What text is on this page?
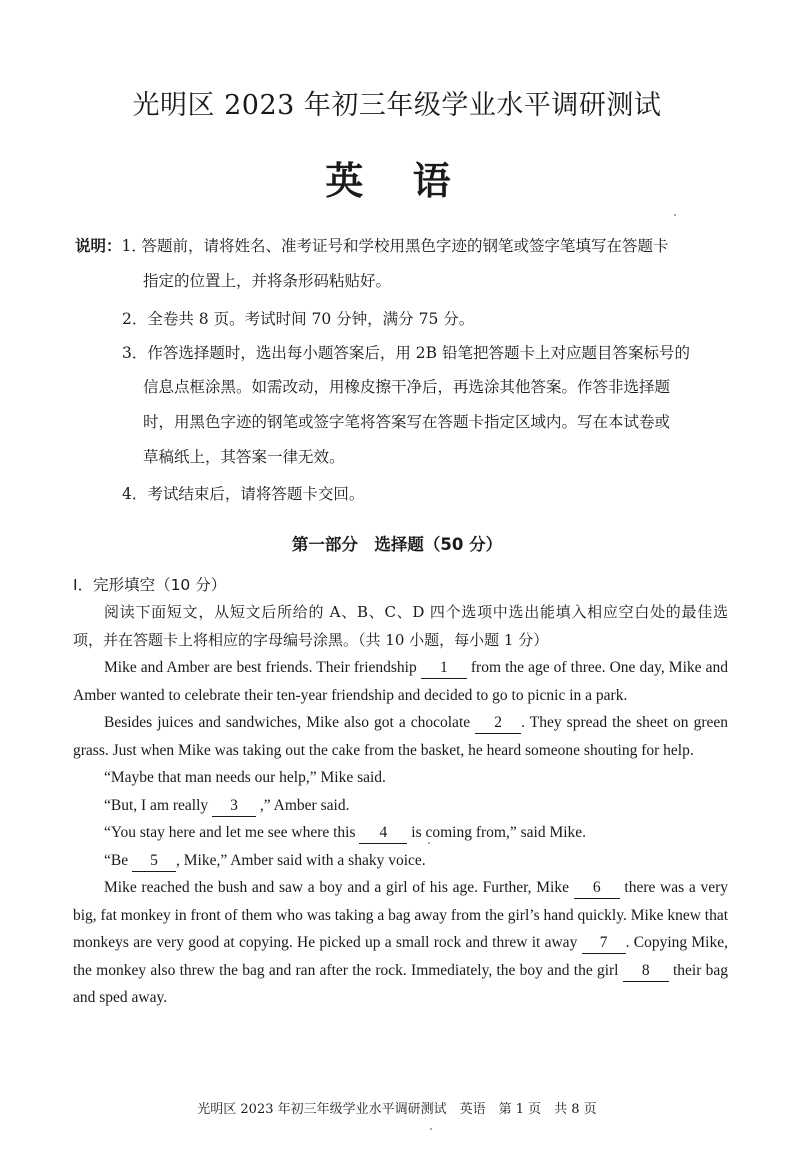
光明区 2023 年初三年级学业水平调研测试
英 语
说明：1．答题前，请将姓名、准考证号和学校用黑色字迹的钢笔或签字笔填写在答题卡
指定的位置上，并将条形码粘贴好。
2．全卷共 8 页。考试时间 70 分钟，满分 75 分。
3．作答选择题时，选出每小题答案后，用 2B 铅笔把答题卡上对应题目答案标号的
信息点框涂黑。如需改动，用橡皮擦干净后，再选涂其他答案。作答非选择题
时，用黑色字迹的钢笔或签字笔将答案写在答题卡指定区域内。写在本试卷或
草稿纸上，其答案一律无效。
4．考试结束后，请将答题卡交回。
第一部分　选择题（50 分）
I．完形填空（10 分）

阅读下面短文，从短文后所给的 A、B、C、D 四个选项中选出能填入相应空白处的最佳选项，并在答题卡上将相应的字母编号涂黑。（共 10 小题，每小题 1 分）

Mike and Amber are best friends. Their friendship 1 from the age of three. One day, Mike and Amber wanted to celebrate their ten-year friendship and decided to go to picnic in a park.

Besides juices and sandwiches, Mike also got a chocolate 2 . They spread the sheet on green grass. Just when Mike was taking out the cake from the basket, he heard someone shouting for help.

“Maybe that man needs our help,” Mike said.

“But, I am really 3 ,” Amber said.

“You stay here and let me see where this 4 is coming from,” said Mike.

“Be 5 , Mike,” Amber said with a shaky voice.

Mike reached the bush and saw a boy and a girl of his age. Further, Mike 6 there was a very big, fat monkey in front of them who was taking a bag away from the girl’s hand quickly. Mike knew that monkeys are very good at copying. He picked up a small rock and threw it away 7 . Copying Mike, the monkey also threw the bag and ran after the rock. Immediately, the boy and the girl 8 their bag and sped away.

光明区 2023 年初三年级学业水平调研测试　英语　第 1 页　共 8 页
